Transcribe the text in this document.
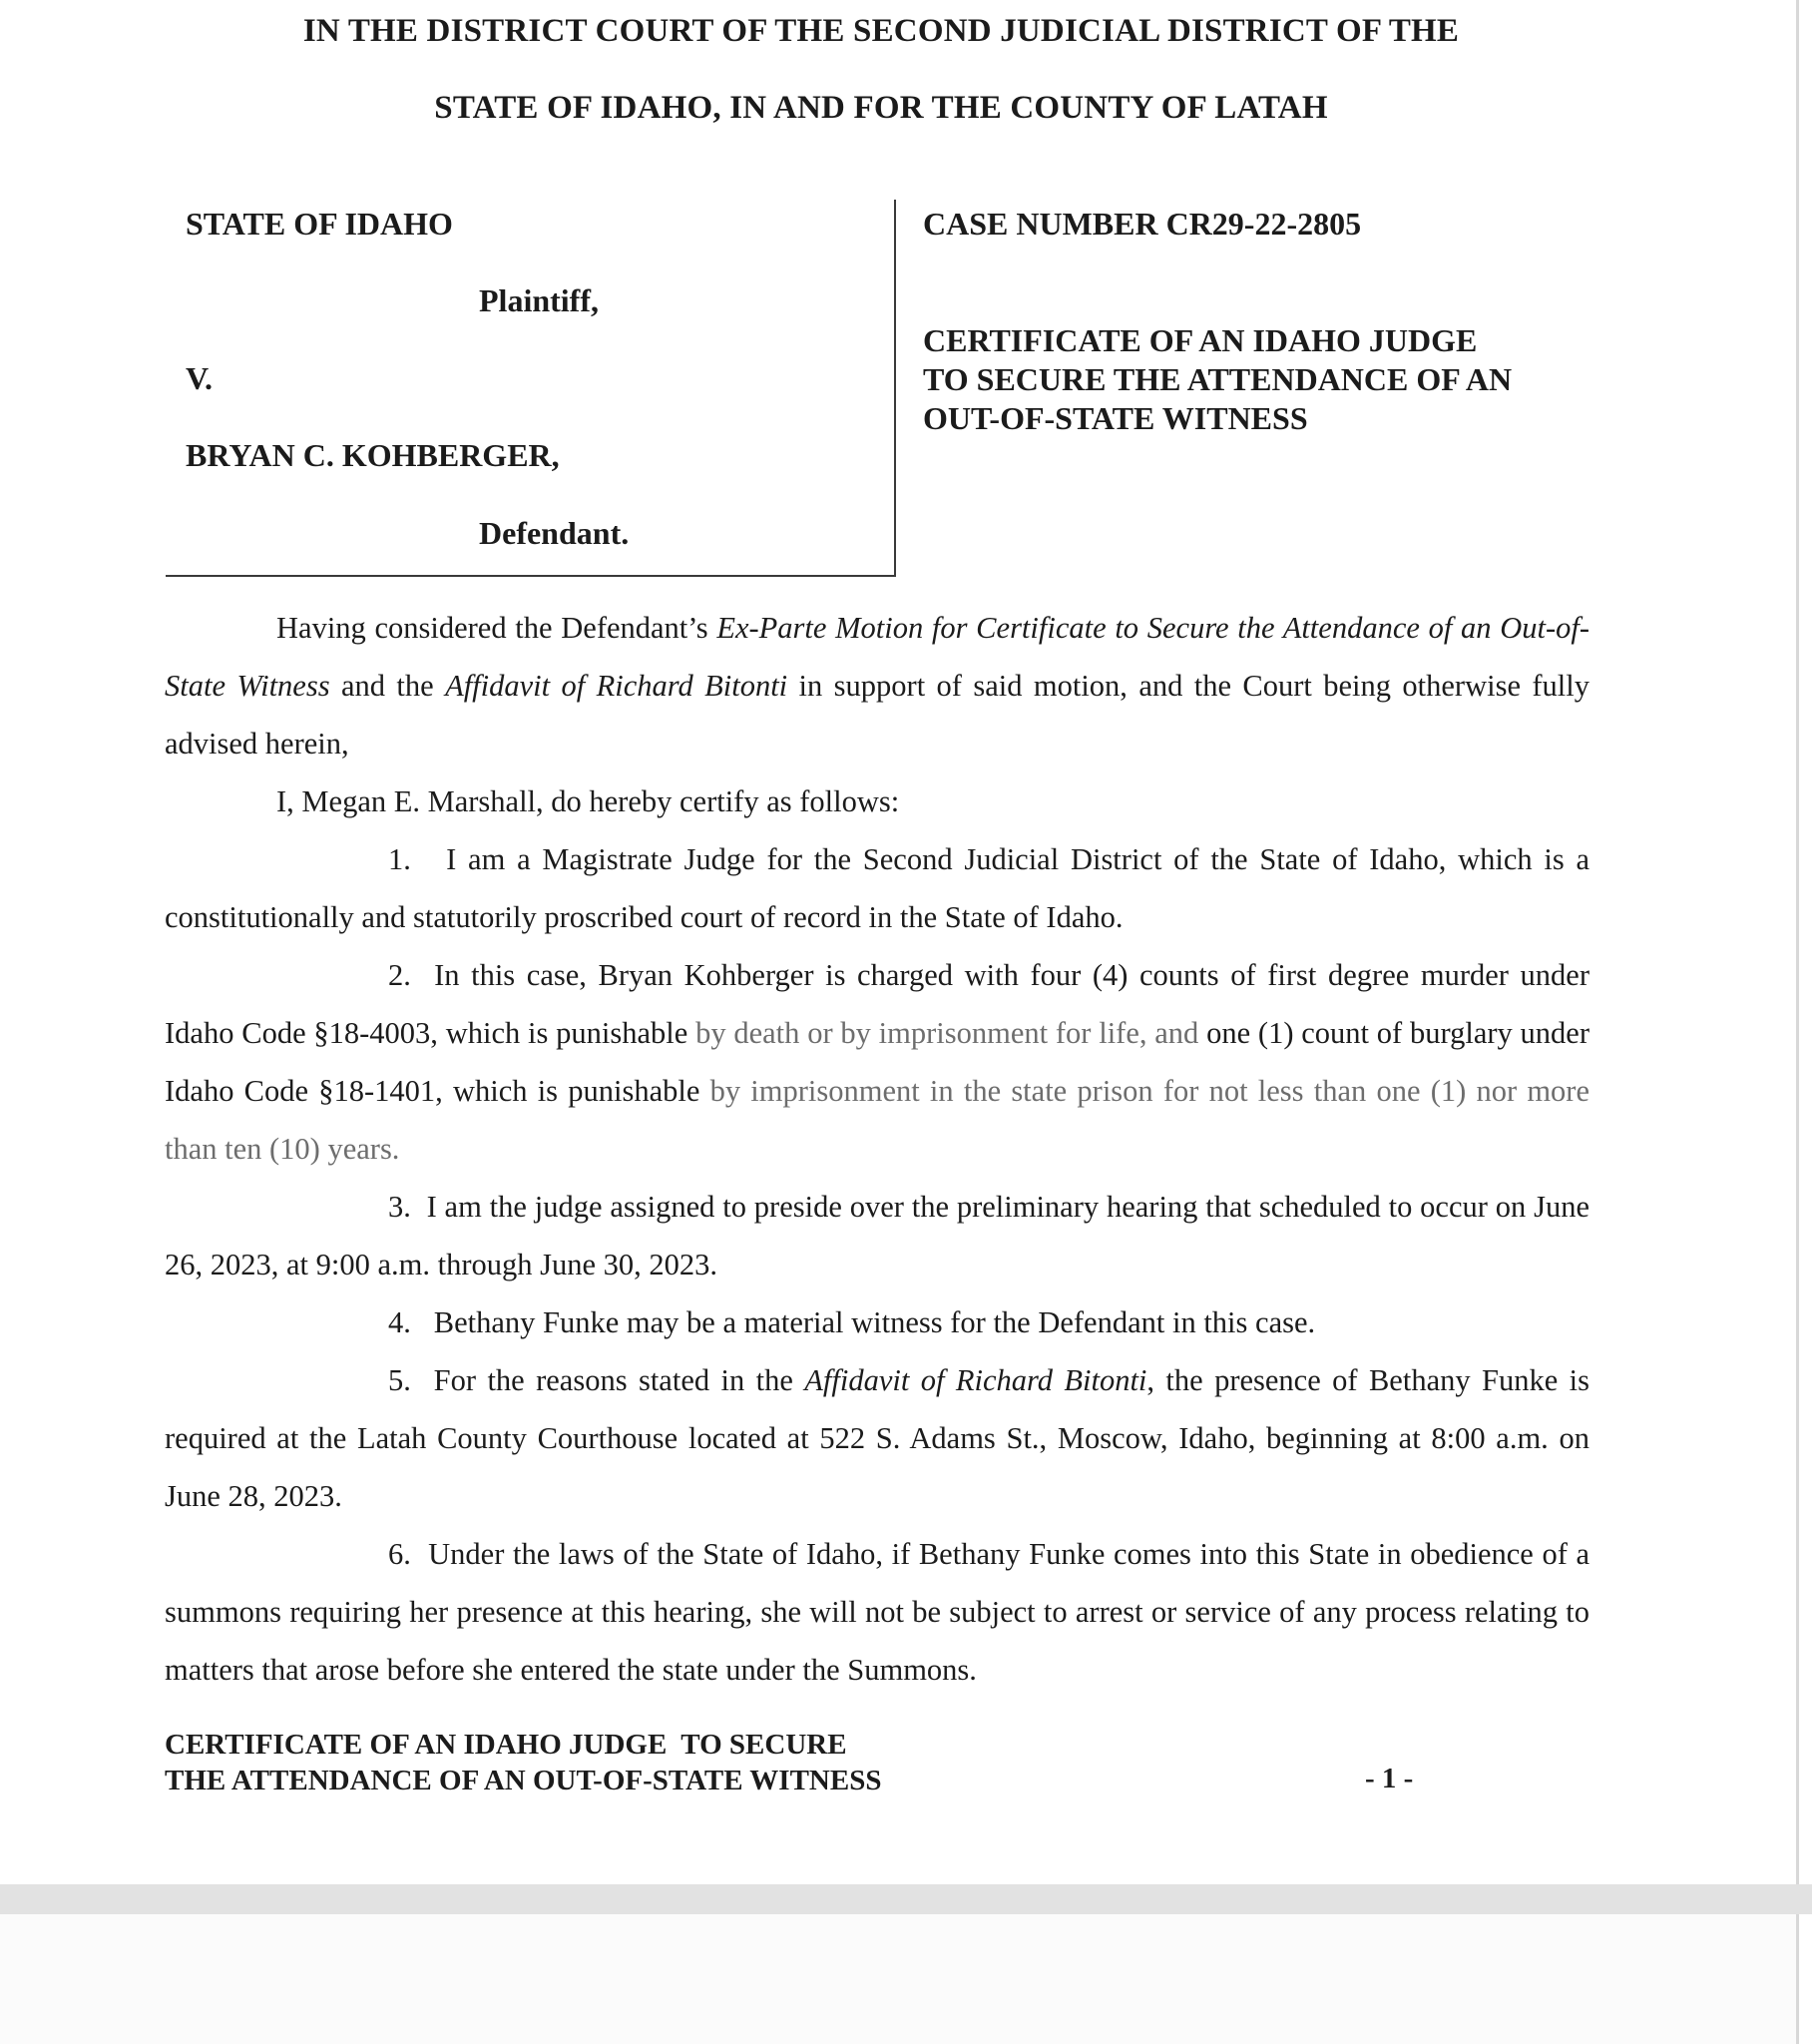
IN THE DISTRICT COURT OF THE SECOND JUDICIAL DISTRICT OF THE
STATE OF IDAHO, IN AND FOR THE COUNTY OF LATAH
STATE OF IDAHO
Plaintiff,
V.
BRYAN C. KOHBERGER,
Defendant.
CASE NUMBER CR29-22-2805
CERTIFICATE OF AN IDAHO JUDGE
TO SECURE THE ATTENDANCE OF AN
OUT-OF-STATE WITNESS

Having considered the Defendant’s Ex-Parte Motion for Certificate to Secure the Attendance of an Out-of-State Witness and the Affidavit of Richard Bitonti in support of said motion, and the Court being otherwise fully advised herein,

I, Megan E. Marshall, do hereby certify as follows:

1. I am a Magistrate Judge for the Second Judicial District of the State of Idaho, which is a constitutionally and statutorily proscribed court of record in the State of Idaho.

2. In this case, Bryan Kohberger is charged with four (4) counts of first degree murder under Idaho Code §18-4003, which is punishable by death or by imprisonment for life, and one (1) count of burglary under Idaho Code §18-1401, which is punishable by imprisonment in the state prison for not less than one (1) nor more than ten (10) years.

3. I am the judge assigned to preside over the preliminary hearing that scheduled to occur on June 26, 2023, at 9:00 a.m. through June 30, 2023.

4. Bethany Funke may be a material witness for the Defendant in this case.

5. For the reasons stated in the Affidavit of Richard Bitonti, the presence of Bethany Funke is required at the Latah County Courthouse located at 522 S. Adams St., Moscow, Idaho, beginning at 8:00 a.m. on June 28, 2023.

6. Under the laws of the State of Idaho, if Bethany Funke comes into this State in obedience of a summons requiring her presence at this hearing, she will not be subject to arrest or service of any process relating to matters that arose before she entered the state under the Summons.

CERTIFICATE OF AN IDAHO JUDGE  TO SECURE
THE ATTENDANCE OF AN OUT-OF-STATE WITNESS	- 1 -
